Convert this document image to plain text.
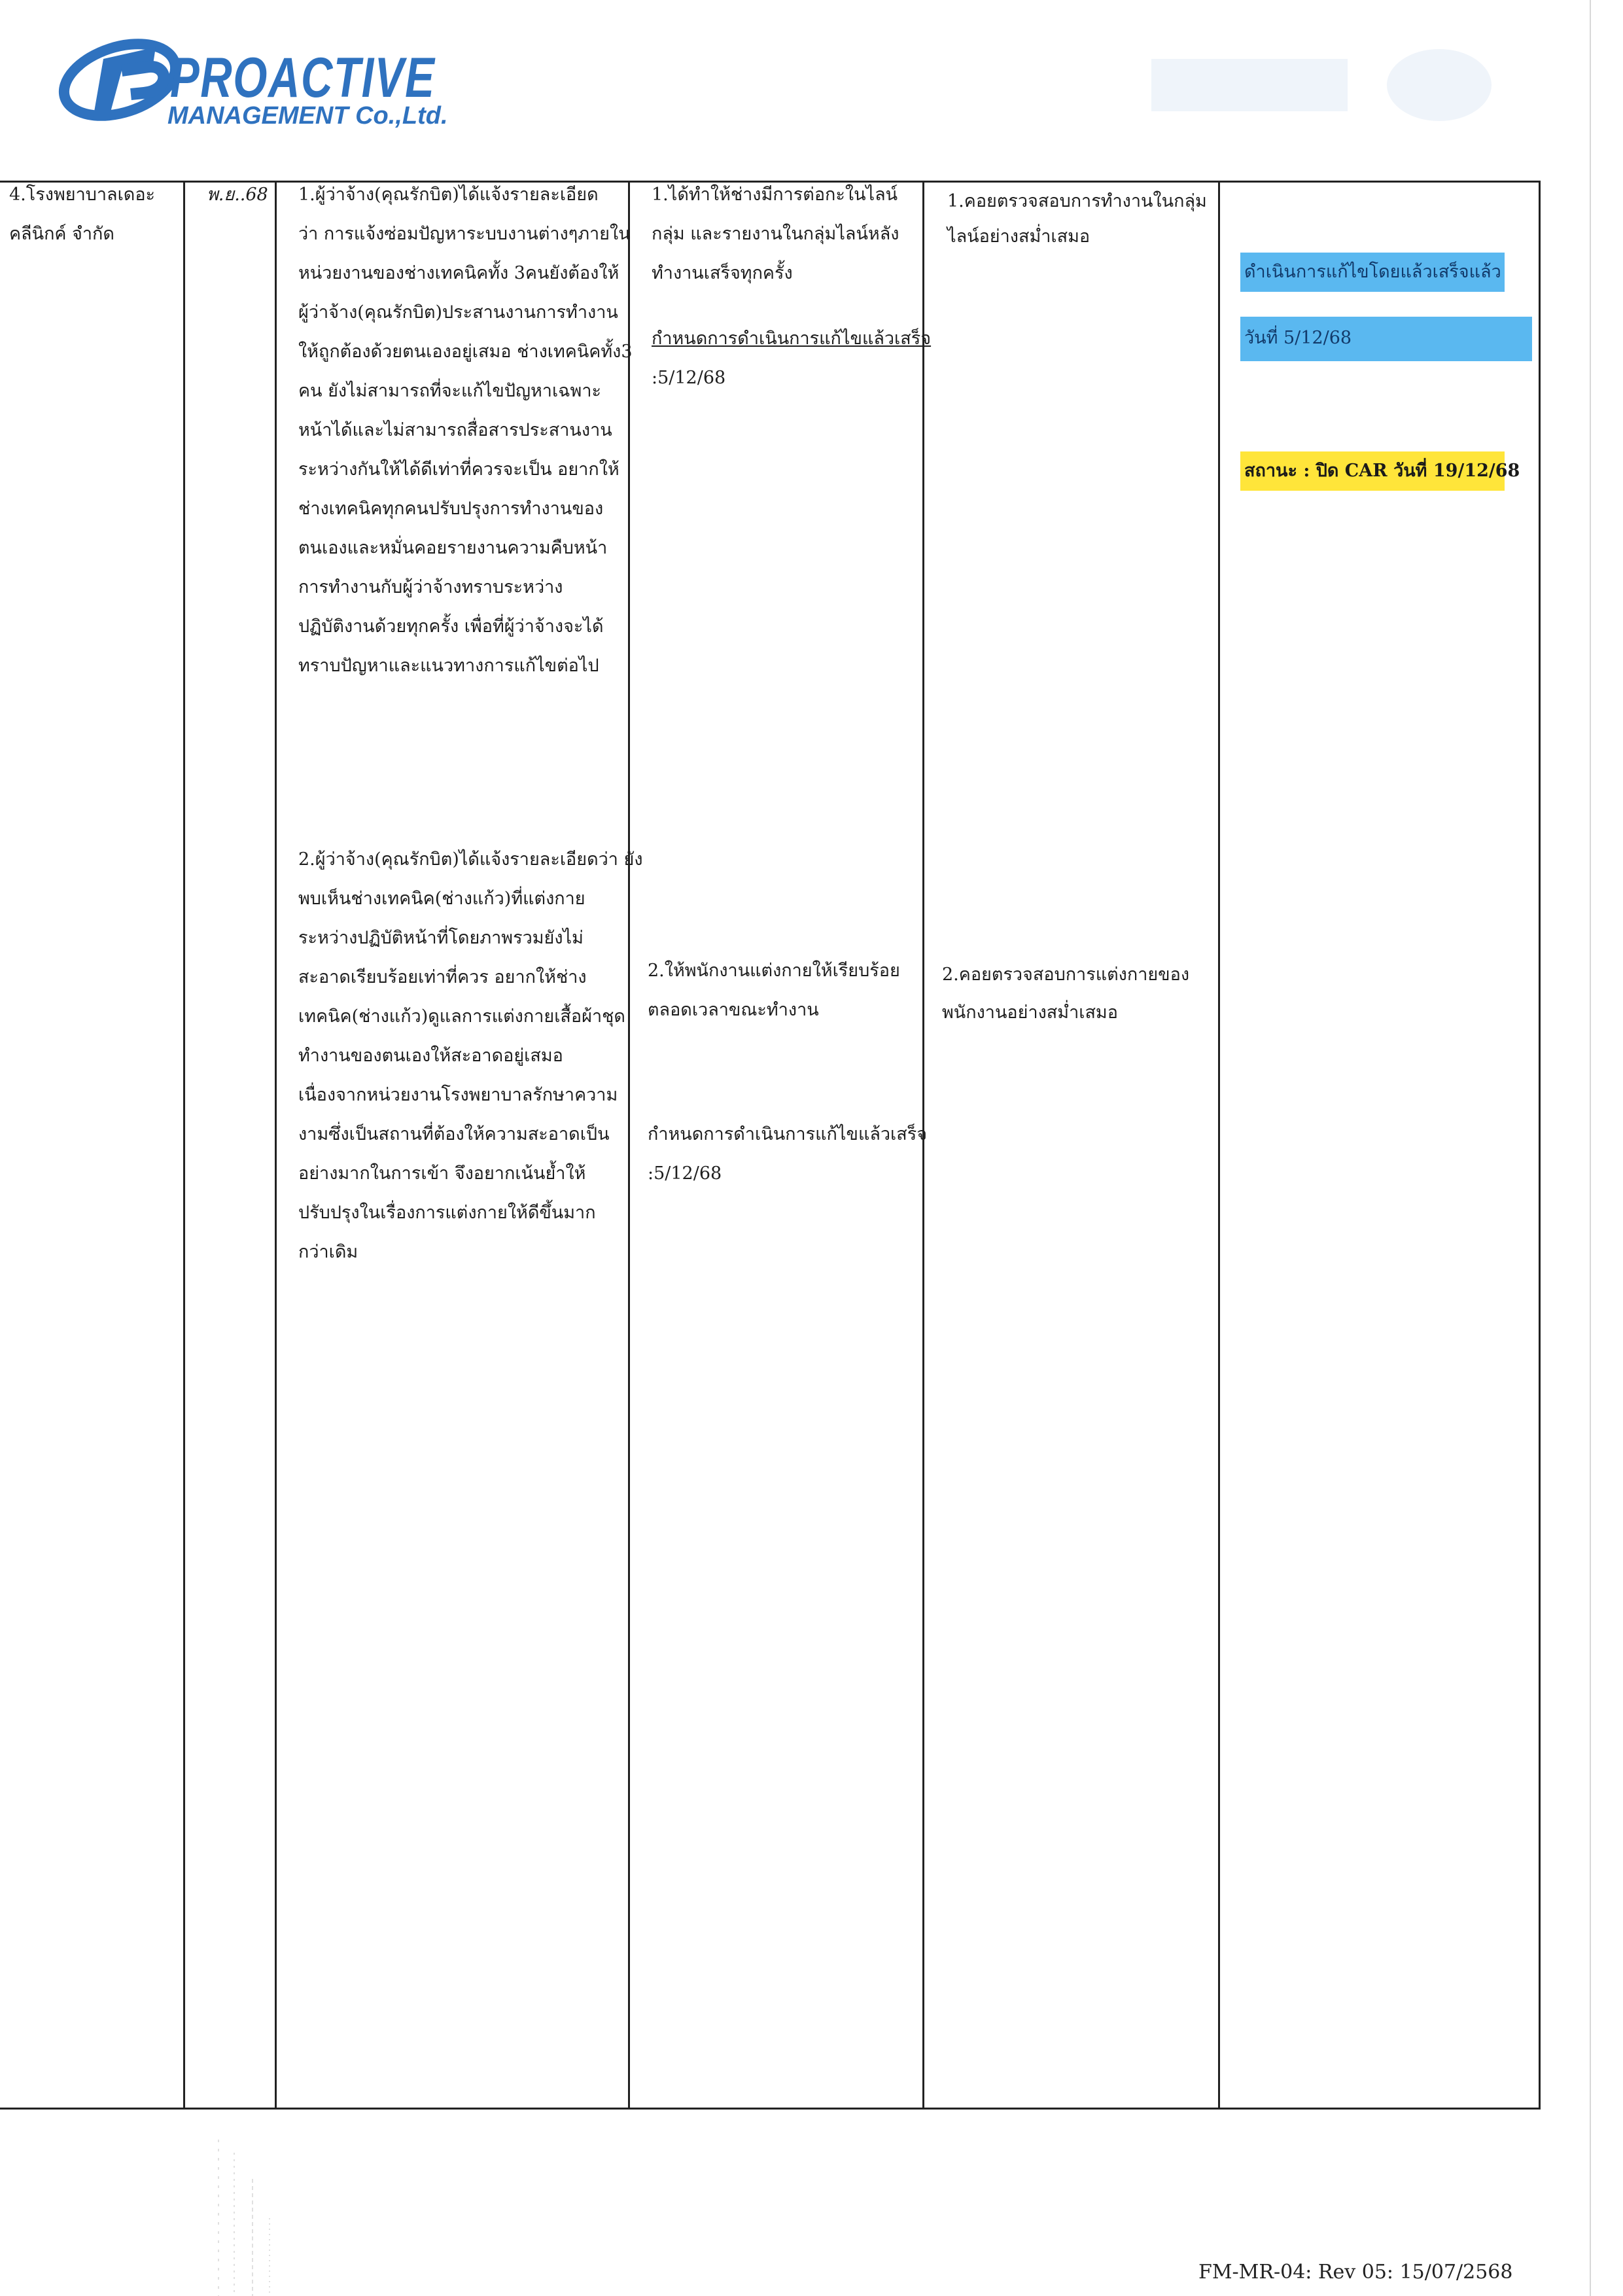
PROACTIVE
MANAGEMENT Co.,Ltd.
4.โรงพยาบาลเดอะ
คลีนิกค์ จำกัด
พ.ย..68 1.ผู้ว่าจ้าง(คุณรักบิต)ได้แจ้งรายละเอียด
ว่า การแจ้งซ่อมปัญหาระบบงานต่างๆภายใน
หน่วยงานของช่างเทคนิคทั้ง 3คนยังต้องให้
ผู้ว่าจ้าง(คุณรักบิต)ประสานงานการทำงาน
ให้ถูกต้องด้วยตนเองอยู่เสมอ ช่างเทคนิคทั้ง3
คน ยังไม่สามารถที่จะแก้ไขปัญหาเฉพาะ
หน้าได้และไม่สามารถสื่อสารประสานงาน
ระหว่างกันให้ได้ดีเท่าที่ควรจะเป็น อยากให้
ช่างเทคนิคทุกคนปรับปรุงการทำงานของ
ตนเองและหมั่นคอยรายงานความคืบหน้า
การทำงานกับผู้ว่าจ้างทราบระหว่าง
ปฏิบัติงานด้วยทุกครั้ง เพื่อที่ผู้ว่าจ้างจะได้
ทราบปัญหาและแนวทางการแก้ไขต่อไป
2.ผู้ว่าจ้าง(คุณรักบิต)ได้แจ้งรายละเอียดว่า ยัง
พบเห็นช่างเทคนิค(ช่างแก้ว)ที่แต่งกาย
ระหว่างปฏิบัติหน้าที่โดยภาพรวมยังไม่
สะอาดเรียบร้อยเท่าที่ควร อยากให้ช่าง
เทคนิค(ช่างแก้ว)ดูแลการแต่งกายเสื้อผ้าชุด
ทำงานของตนเองให้สะอาดอยู่เสมอ
เนื่องจากหน่วยงานโรงพยาบาลรักษาความ
งามซึ่งเป็นสถานที่ต้องให้ความสะอาดเป็น
อย่างมากในการเข้า จึงอยากเน้นย้ำให้
ปรับปรุงในเรื่องการแต่งกายให้ดีขึ้นมาก
กว่าเดิม
1.ได้ทำให้ช่างมีการต่อกะในไลน์
กลุ่ม และรายงานในกลุ่มไลน์หลัง
ทำงานเสร็จทุกครั้ง
กำหนดการดำเนินการแก้ไขแล้วเสร็จ
:5/12/68
2.ให้พนักงานแต่งกายให้เรียบร้อย
ตลอดเวลาขณะทำงาน
กำหนดการดำเนินการแก้ไขแล้วเสร็จ
:5/12/68
1.คอยตรวจสอบการทำงานในกลุ่ม
ไลน์อย่างสม่ำเสมอ
2.คอยตรวจสอบการแต่งกายของ
พนักงานอย่างสม่ำเสมอ
ดำเนินการแก้ไขโดยแล้วเสร็จแล้ว
วันที่ 5/12/68
สถานะ : ปิด CAR วันที่ 19/12/68
FM-MR-04: Rev 05: 15/07/2568
